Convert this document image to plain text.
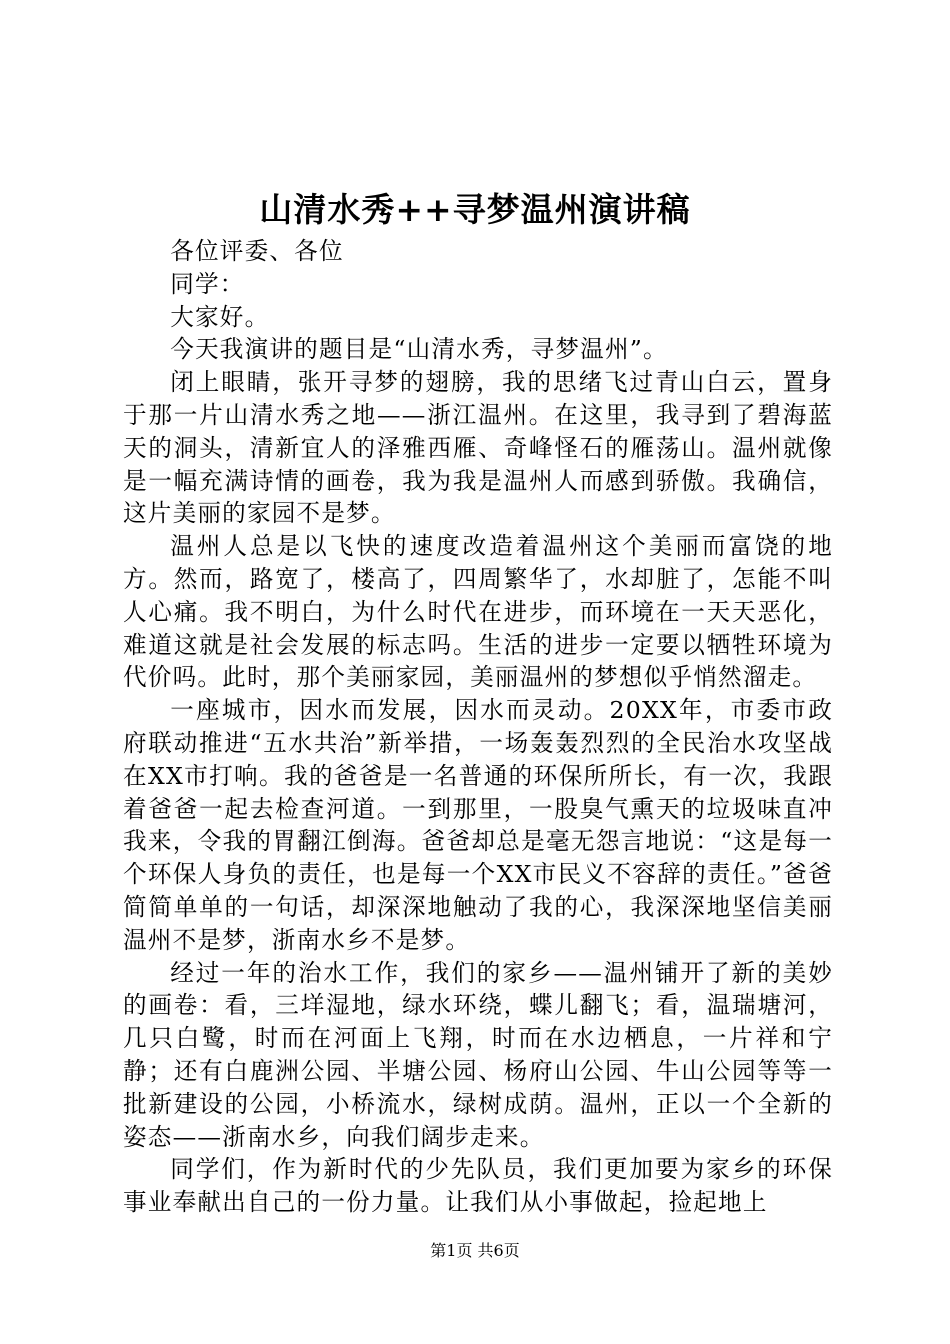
山清水秀++寻梦温州演讲稿

各位评委、各位

同学：

大家好。

今天我演讲的题目是“山清水秀，寻梦温州”。

闭上眼睛，张开寻梦的翅膀，我的思绪飞过青山白云，置身于那一片山清水秀之地——浙江温州。在这里，我寻到了碧海蓝天的洞头，清新宜人的泽雅西雁、奇峰怪石的雁荡山。温州就像是一幅充满诗情的画卷，我为我是温州人而感到骄傲。我确信，这片美丽的家园不是梦。

温州人总是以飞快的速度改造着温州这个美丽而富饶的地方。然而，路宽了，楼高了，四周繁华了，水却脏了，怎能不叫人心痛。我不明白，为什么时代在进步，而环境在一天天恶化，难道这就是社会发展的标志吗。生活的进步一定要以牺牲环境为代价吗。此时，那个美丽家园，美丽温州的梦想似乎悄然溜走。

一座城市，因水而发展，因水而灵动。20XX年，市委市政府联动推进“五水共治”新举措，一场轰轰烈烈的全民治水攻坚战在XX市打响。我的爸爸是一名普通的环保所所长，有一次，我跟着爸爸一起去检查河道。一到那里，一股臭气熏天的垃圾味直冲我来，令我的胃翻江倒海。爸爸却总是毫无怨言地说：“这是每一个环保人身负的责任，也是每一个XX市民义不容辞的责任。”爸爸简简单单的一句话，却深深地触动了我的心，我深深地坚信美丽温州不是梦，浙南水乡不是梦。

经过一年的治水工作，我们的家乡——温州铺开了新的美妙的画卷：看，三垟湿地，绿水环绕，蝶儿翻飞；看，温瑞塘河，几只白鹭，时而在河面上飞翔，时而在水边栖息，一片祥和宁静；还有白鹿洲公园、半塘公园、杨府山公园、牛山公园等等一批新建设的公园，小桥流水，绿树成荫。温州，正以一个全新的姿态——浙南水乡，向我们阔步走来。

同学们，作为新时代的少先队员，我们更加要为家乡的环保事业奉献出自己的一份力量。让我们从小事做起，捡起地上

第1页 共6页
